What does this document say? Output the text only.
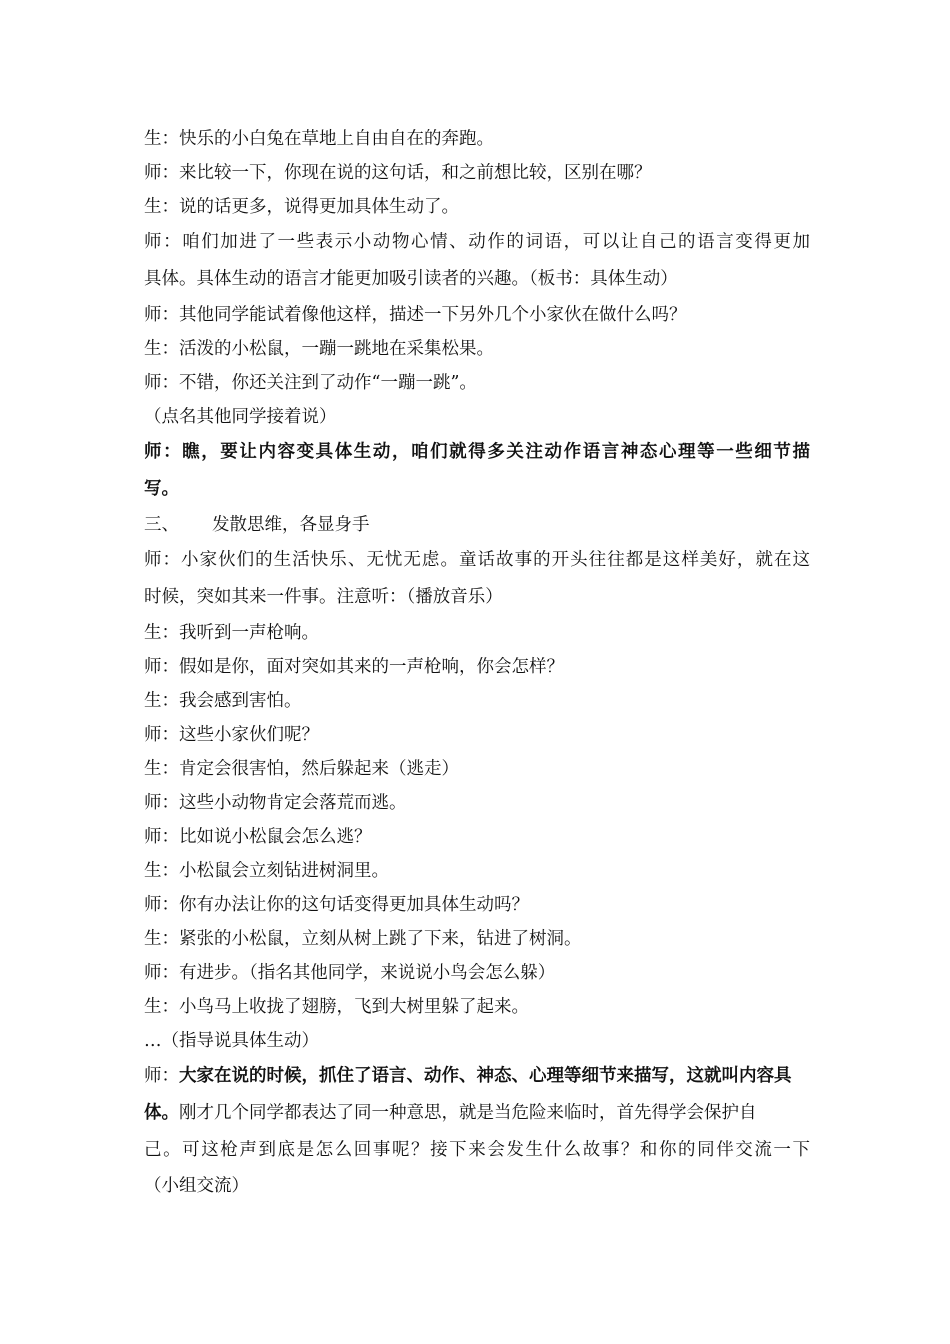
生：快乐的小白兔在草地上自由自在的奔跑。
师：来比较一下，你现在说的这句话，和之前想比较，区别在哪？
生：说的话更多，说得更加具体生动了。
师：咱们加进了一些表示小动物心情、动作的词语，可以让自己的语言变得更加
具体。具体生动的语言才能更加吸引读者的兴趣。（板书：具体生动）
师：其他同学能试着像他这样，描述一下另外几个小家伙在做什么吗？
生：活泼的小松鼠，一蹦一跳地在采集松果。
师：不错，你还关注到了动作“一蹦一跳”。
（点名其他同学接着说）
师：瞧，要让内容变具体生动，咱们就得多关注动作语言神态心理等一些细节描
写。
三、 发散思维，各显身手
师：小家伙们的生活快乐、无忧无虑。童话故事的开头往往都是这样美好，就在这
时候，突如其来一件事。注意听：（播放音乐）
生：我听到一声枪响。
师：假如是你，面对突如其来的一声枪响，你会怎样？
生：我会感到害怕。
师：这些小家伙们呢？
生：肯定会很害怕，然后躲起来（逃走）
师：这些小动物肯定会落荒而逃。
师：比如说小松鼠会怎么逃？
生：小松鼠会立刻钻进树洞里。
师：你有办法让你的这句话变得更加具体生动吗？
生：紧张的小松鼠，立刻从树上跳了下来，钻进了树洞。
师：有进步。（指名其他同学，来说说小鸟会怎么躲）
生：小鸟马上收拢了翅膀，飞到大树里躲了起来。
…（指导说具体生动）
师：大家在说的时候，抓住了语言、动作、神态、心理等细节来描写，这就叫内容具
体。刚才几个同学都表达了同一种意思，就是当危险来临时，首先得学会保护自
己。可这枪声到底是怎么回事呢？接下来会发生什么故事？和你的同伴交流一下
（小组交流）
